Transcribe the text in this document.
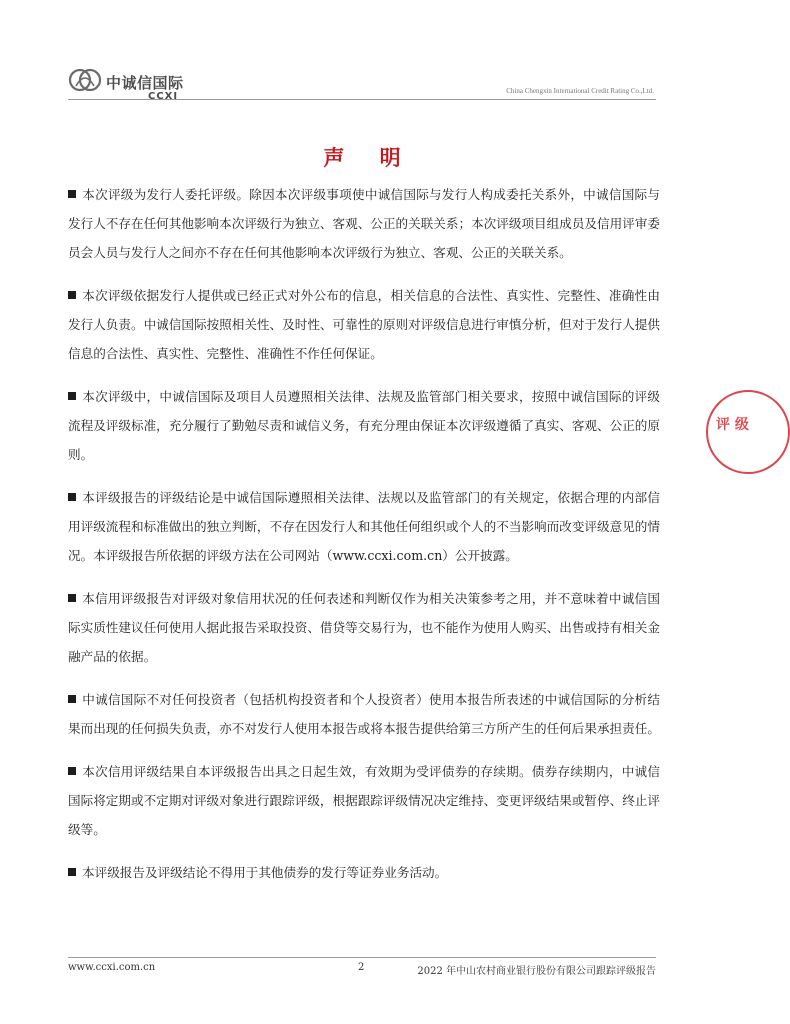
中诚信国际
CCXI	China Chengxin International Credit Rating Co.,Ltd.
声 明
本次评级为发行人委托评级。除因本次评级事项使中诚信国际与发行人构成委托关系外，中诚信国际与发行人不存在任何其他影响本次评级行为独立、客观、公正的关联关系；本次评级项目组成员及信用评审委员会人员与发行人之间亦不存在任何其他影响本次评级行为独立、客观、公正的关联关系。
本次评级依据发行人提供或已经正式对外公布的信息，相关信息的合法性、真实性、完整性、准确性由发行人负责。中诚信国际按照相关性、及时性、可靠性的原则对评级信息进行审慎分析，但对于发行人提供信息的合法性、真实性、完整性、准确性不作任何保证。
本次评级中，中诚信国际及项目人员遵照相关法律、法规及监管部门相关要求，按照中诚信国际的评级流程及评级标准，充分履行了勤勉尽责和诚信义务，有充分理由保证本次评级遵循了真实、客观、公正的原则。
本评级报告的评级结论是中诚信国际遵照相关法律、法规以及监管部门的有关规定，依据合理的内部信用评级流程和标准做出的独立判断，不存在因发行人和其他任何组织或个人的不当影响而改变评级意见的情况。本评级报告所依据的评级方法在公司网站（www.ccxi.com.cn）公开披露。
本信用评级报告对评级对象信用状况的任何表述和判断仅作为相关决策参考之用，并不意味着中诚信国际实质性建议任何使用人据此报告采取投资、借贷等交易行为，也不能作为使用人购买、出售或持有相关金融产品的依据。
中诚信国际不对任何投资者（包括机构投资者和个人投资者）使用本报告所表述的中诚信国际的分析结果而出现的任何损失负责，亦不对发行人使用本报告或将本报告提供给第三方所产生的任何后果承担责任。
本次信用评级结果自本评级报告出具之日起生效，有效期为受评债券的存续期。债券存续期内，中诚信国际将定期或不定期对评级对象进行跟踪评级，根据跟踪评级情况决定维持、变更评级结果或暂停、终止评级等。
本评级报告及评级结论不得用于其他债券的发行等证券业务活动。
评 级
www.ccxi.com.cn	2	2022 年中山农村商业银行股份有限公司跟踪评级报告
